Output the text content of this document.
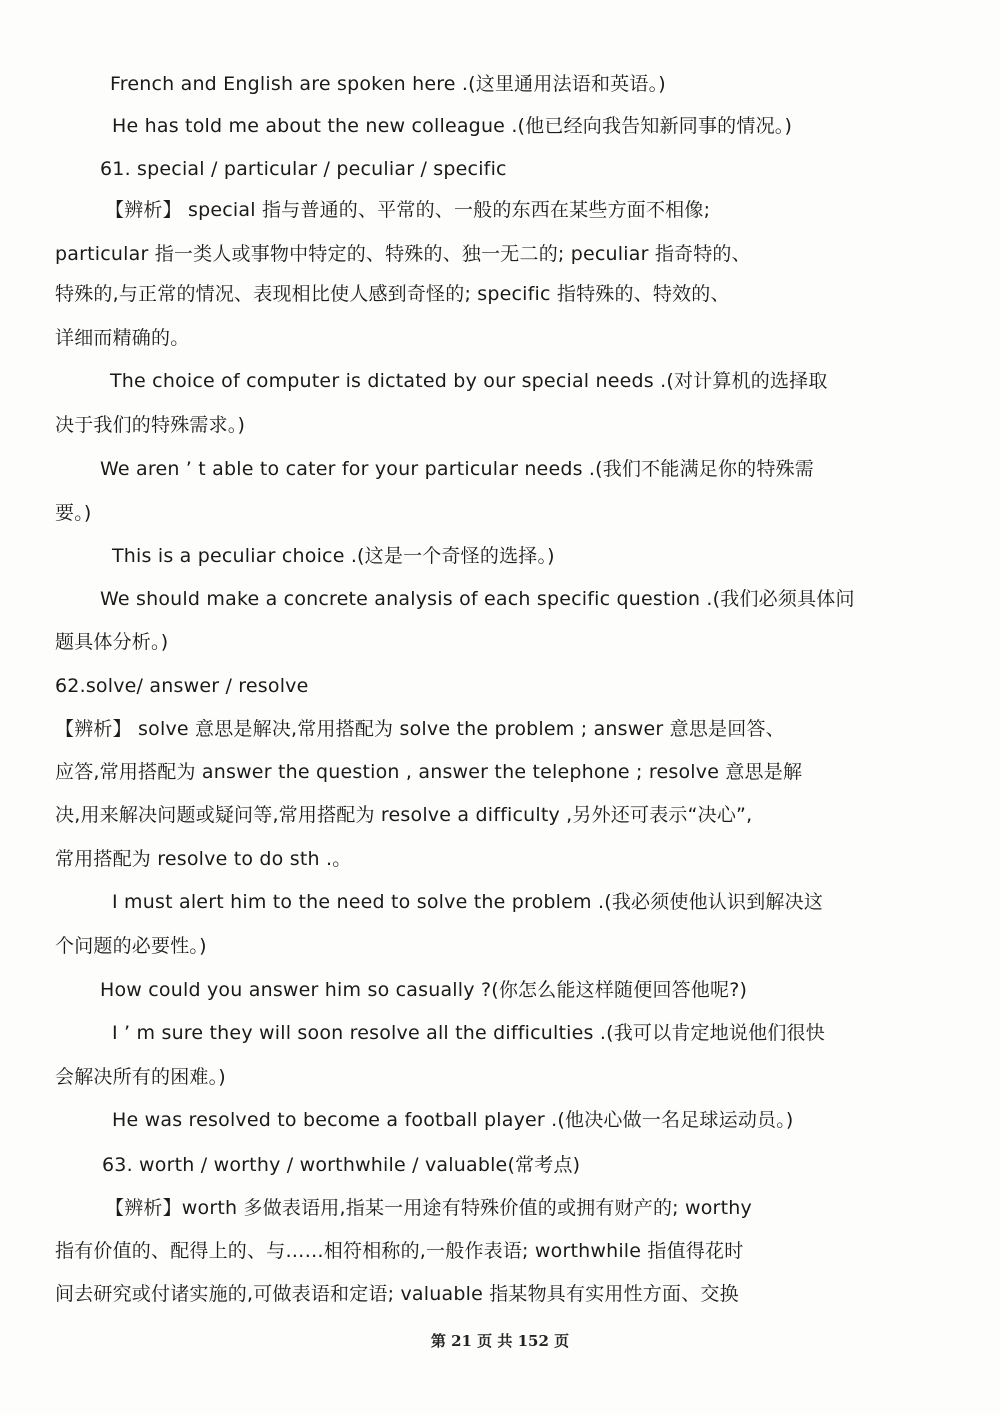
French and English are spoken here .(这里通用法语和英语。)
He has told me about the new colleague .(他已经向我告知新同事的情况。)
61. special / particular / peculiar / specific
【辨析】 special 指与普通的、平常的、一般的东西在某些方面不相像;
particular 指一类人或事物中特定的、特殊的、独一无二的; peculiar 指奇特的、
特殊的,与正常的情况、表现相比使人感到奇怪的; specific 指特殊的、特效的、
详细而精确的。
The choice of computer is dictated by our special needs .(对计算机的选择取
决于我们的特殊需求。)
We aren ’ t able to cater for your particular needs .(我们不能满足你的特殊需
要。)
This is a peculiar choice .(这是一个奇怪的选择。)
We should make a concrete analysis of each specific question .(我们必须具体问
题具体分析。)
62.solve/ answer / resolve
【辨析】 solve 意思是解决,常用搭配为 solve the problem ; answer 意思是回答、
应答,常用搭配为 answer the question , answer the telephone ; resolve 意思是解
决,用来解决问题或疑问等,常用搭配为 resolve a difficulty ,另外还可表示“决心”,
常用搭配为 resolve to do sth .。
I must alert him to the need to solve the problem .(我必须使他认识到解决这
个问题的必要性。)
How could you answer him so casually ?(你怎么能这样随便回答他呢?)
I ’ m sure they will soon resolve all the difficulties .(我可以肯定地说他们很快
会解决所有的困难。)
He was resolved to become a football player .(他决心做一名足球运动员。)
63. worth / worthy / worthwhile / valuable(常考点)
【辨析】worth 多做表语用,指某一用途有特殊价值的或拥有财产的; worthy
指有价值的、配得上的、与……相符相称的,一般作表语; worthwhile 指值得花时
间去研究或付诸实施的,可做表语和定语; valuable 指某物具有实用性方面、交换
第 21 页 共 152 页
